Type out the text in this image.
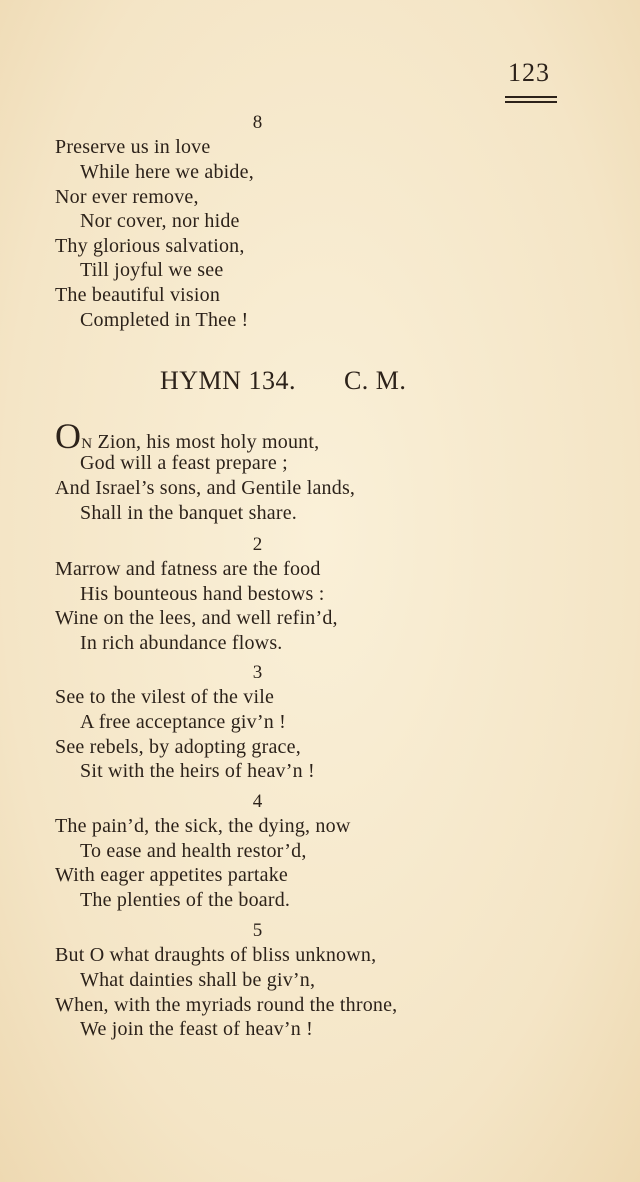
123
8
Preserve us in love
While here we abide,
Nor ever remove,
Nor cover, nor hide
Thy glorious salvation,
Till joyful we see
The beautiful vision
Completed in Thee !
HYMN 134. C. M.
ON Zion, his most holy mount,
God will a feast prepare ;
And Israel’s sons, and Gentile lands,
Shall in the banquet share.
2
Marrow and fatness are the food
His bounteous hand bestows :
Wine on the lees, and well refin’d,
In rich abundance flows.
3
See to the vilest of the vile
A free acceptance giv’n !
See rebels, by adopting grace,
Sit with the heirs of heav’n !
4
The pain’d, the sick, the dying, now
To ease and health restor’d,
With eager appetites partake
The plenties of the board.
5
But O what draughts of bliss unknown,
What dainties shall be giv’n,
When, with the myriads round the throne,
We join the feast of heav’n !
